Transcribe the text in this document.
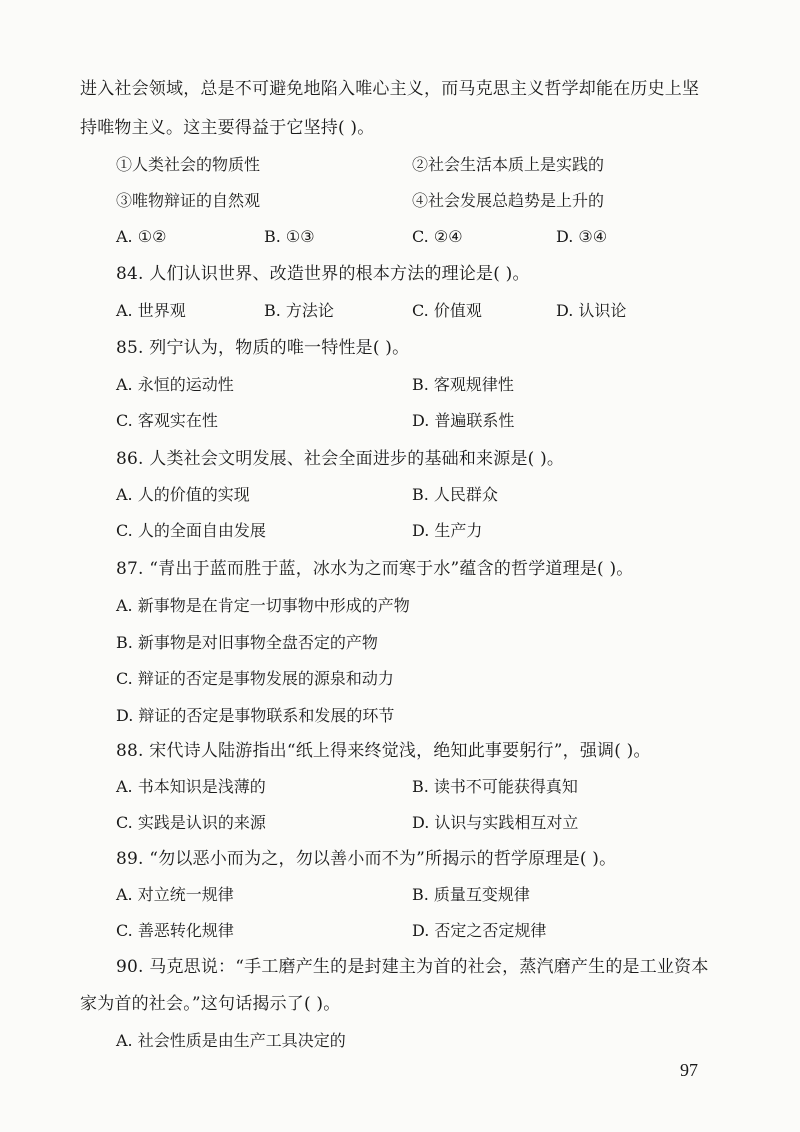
进入社会领域，总是不可避免地陷入唯心主义，而马克思主义哲学却能在历史上坚
持唯物主义。这主要得益于它坚持( )。
①人类社会的物质性	②社会生活本质上是实践的
③唯物辩证的自然观	④社会发展总趋势是上升的
A. ①②	B. ①③	C. ②④	D. ③④
84. 人们认识世界、改造世界的根本方法的理论是( )。
A. 世界观	B. 方法论	C. 价值观	D. 认识论
85. 列宁认为，物质的唯一特性是( )。
A. 永恒的运动性	B. 客观规律性
C. 客观实在性	D. 普遍联系性
86. 人类社会文明发展、社会全面进步的基础和来源是( )。
A. 人的价值的实现	B. 人民群众
C. 人的全面自由发展	D. 生产力
87. “青出于蓝而胜于蓝，冰水为之而寒于水”蕴含的哲学道理是( )。
A. 新事物是在肯定一切事物中形成的产物
B. 新事物是对旧事物全盘否定的产物
C. 辩证的否定是事物发展的源泉和动力
D. 辩证的否定是事物联系和发展的环节
88. 宋代诗人陆游指出“纸上得来终觉浅，绝知此事要躬行”，强调( )。
A. 书本知识是浅薄的	B. 读书不可能获得真知
C. 实践是认识的来源	D. 认识与实践相互对立
89. “勿以恶小而为之，勿以善小而不为”所揭示的哲学原理是( )。
A. 对立统一规律	B. 质量互变规律
C. 善恶转化规律	D. 否定之否定规律
90. 马克思说：“手工磨产生的是封建主为首的社会，蒸汽磨产生的是工业资本
家为首的社会。”这句话揭示了( )。
A. 社会性质是由生产工具决定的
97
